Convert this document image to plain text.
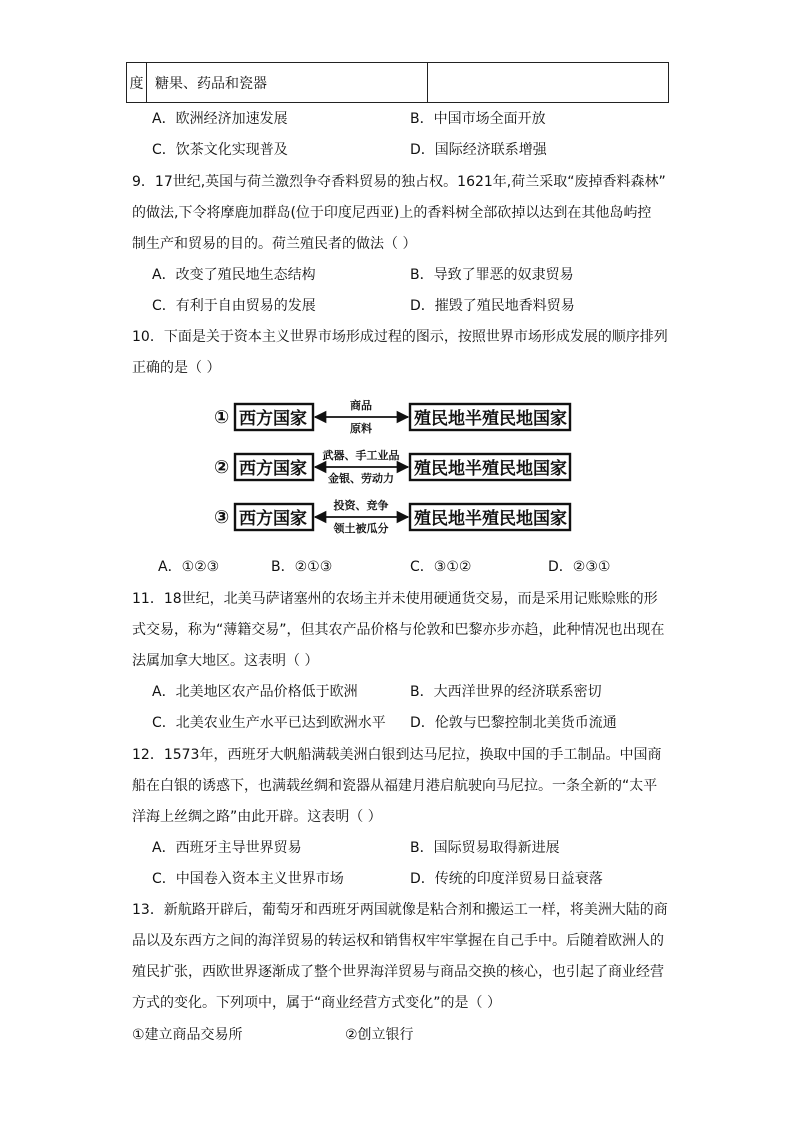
度	糖果、药品和瓷器	
A．欧洲经济加速发展	B．中国市场全面开放
C．饮茶文化实现普及	D．国际经济联系增强
9．17世纪,英国与荷兰激烈争夺香料贸易的独占权。1621年,荷兰采取“废掉香料森林”
的做法,下令将摩鹿加群岛(位于印度尼西亚)上的香料树全部砍掉以达到在其他岛屿控
制生产和贸易的目的。荷兰殖民者的做法（ ）
A．改变了殖民地生态结构	B．导致了罪恶的奴隶贸易
C．有利于自由贸易的发展	D．摧毁了殖民地香料贸易
10．下面是关于资本主义世界市场形成过程的图示，按照世界市场形成发展的顺序排列
正确的是（ ）
① 西方国家
商品
原料 殖民地半殖民地国家
② 西方国家
武器、手工业品
金银、劳动力 殖民地半殖民地国家
③ 西方国家
投资、竞争
领土被瓜分 殖民地半殖民地国家
A．①②③	B．②①③	C．③①②	D．②③①
11．18世纪，北美马萨诸塞州的农场主并未使用硬通货交易，而是采用记账赊账的形
式交易，称为“薄籍交易”，但其农产品价格与伦敦和巴黎亦步亦趋，此种情况也出现在
法属加拿大地区。这表明（ ）
A．北美地区农产品价格低于欧洲	B．大西洋世界的经济联系密切
C．北美农业生产水平已达到欧洲水平 D．伦敦与巴黎控制北美货币流通
12．1573年，西班牙大帆船满载美洲白银到达马尼拉，换取中国的手工制品。中国商
船在白银的诱惑下，也满载丝绸和瓷器从福建月港启航驶向马尼拉。一条全新的“太平
洋海上丝绸之路”由此开辟。这表明（ ）
A．西班牙主导世界贸易	B．国际贸易取得新进展
C．中国卷入资本主义世界市场	D．传统的印度洋贸易日益衰落
13．新航路开辟后，葡萄牙和西班牙两国就像是粘合剂和搬运工一样，将美洲大陆的商
品以及东西方之间的海洋贸易的转运权和销售权牢牢掌握在自己手中。后随着欧洲人的
殖民扩张，西欧世界逐渐成了整个世界海洋贸易与商品交换的核心，也引起了商业经营
方式的变化。下列项中，属于“商业经营方式变化”的是（ ）
①建立商品交易所	②创立银行
